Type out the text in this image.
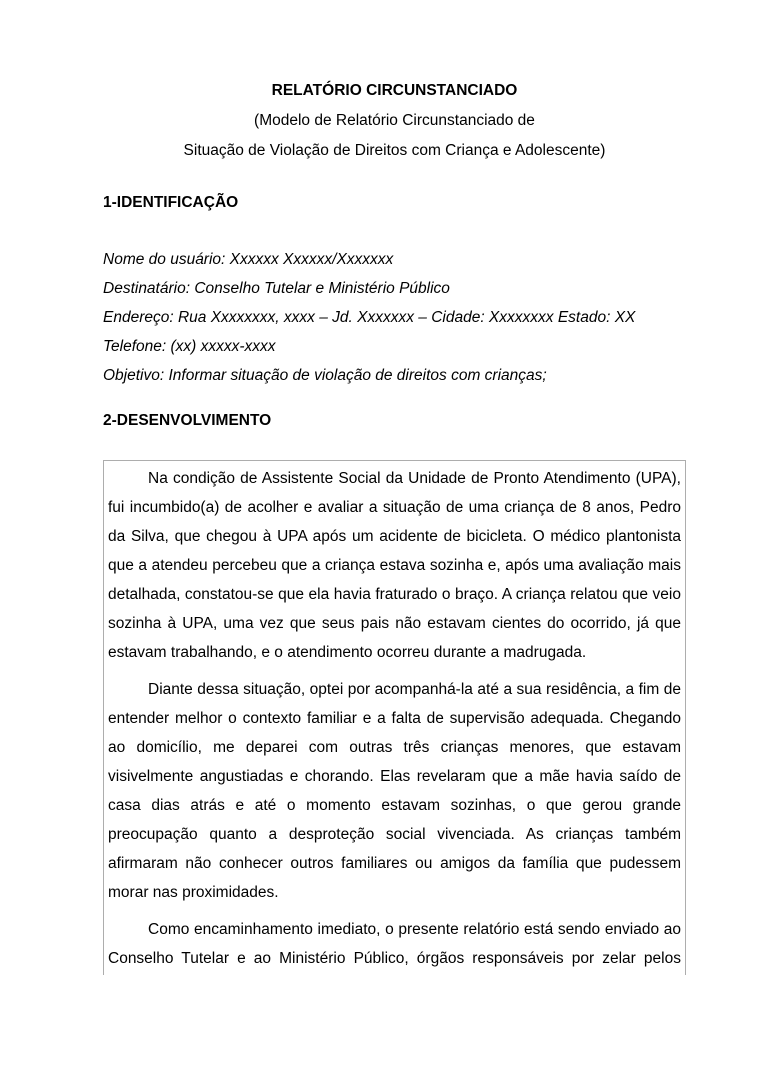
RELATÓRIO CIRCUNSTANCIADO
(Modelo de Relatório Circunstanciado de
Situação de Violação de Direitos com Criança e Adolescente)
1-IDENTIFICAÇÃO
Nome do usuário: Xxxxxx Xxxxxx/Xxxxxxx
Destinatário: Conselho Tutelar e Ministério Público
Endereço: Rua Xxxxxxxx, xxxx – Jd. Xxxxxxx – Cidade: Xxxxxxxx Estado: XX
Telefone: (xx) xxxxx-xxxx
Objetivo: Informar situação de violação de direitos com crianças;
2-DESENVOLVIMENTO

Na condição de Assistente Social da Unidade de Pronto Atendimento (UPA), fui incumbido(a) de acolher e avaliar a situação de uma criança de 8 anos, Pedro da Silva, que chegou à UPA após um acidente de bicicleta. O médico plantonista que a atendeu percebeu que a criança estava sozinha e, após uma avaliação mais detalhada, constatou-se que ela havia fraturado o braço. A criança relatou que veio sozinha à UPA, uma vez que seus pais não estavam cientes do ocorrido, já que estavam trabalhando, e o atendimento ocorreu durante a madrugada.

Diante dessa situação, optei por acompanhá-la até a sua residência, a fim de entender melhor o contexto familiar e a falta de supervisão adequada. Chegando ao domicílio, me deparei com outras três crianças menores, que estavam visivelmente angustiadas e chorando. Elas revelaram que a mãe havia saído de casa dias atrás e até o momento estavam sozinhas, o que gerou grande preocupação quanto a desproteção social vivenciada. As crianças também afirmaram não conhecer outros familiares ou amigos da família que pudessem morar nas proximidades.

Como encaminhamento imediato, o presente relatório está sendo enviado ao Conselho Tutelar e ao Ministério Público, órgãos responsáveis por zelar pelos
